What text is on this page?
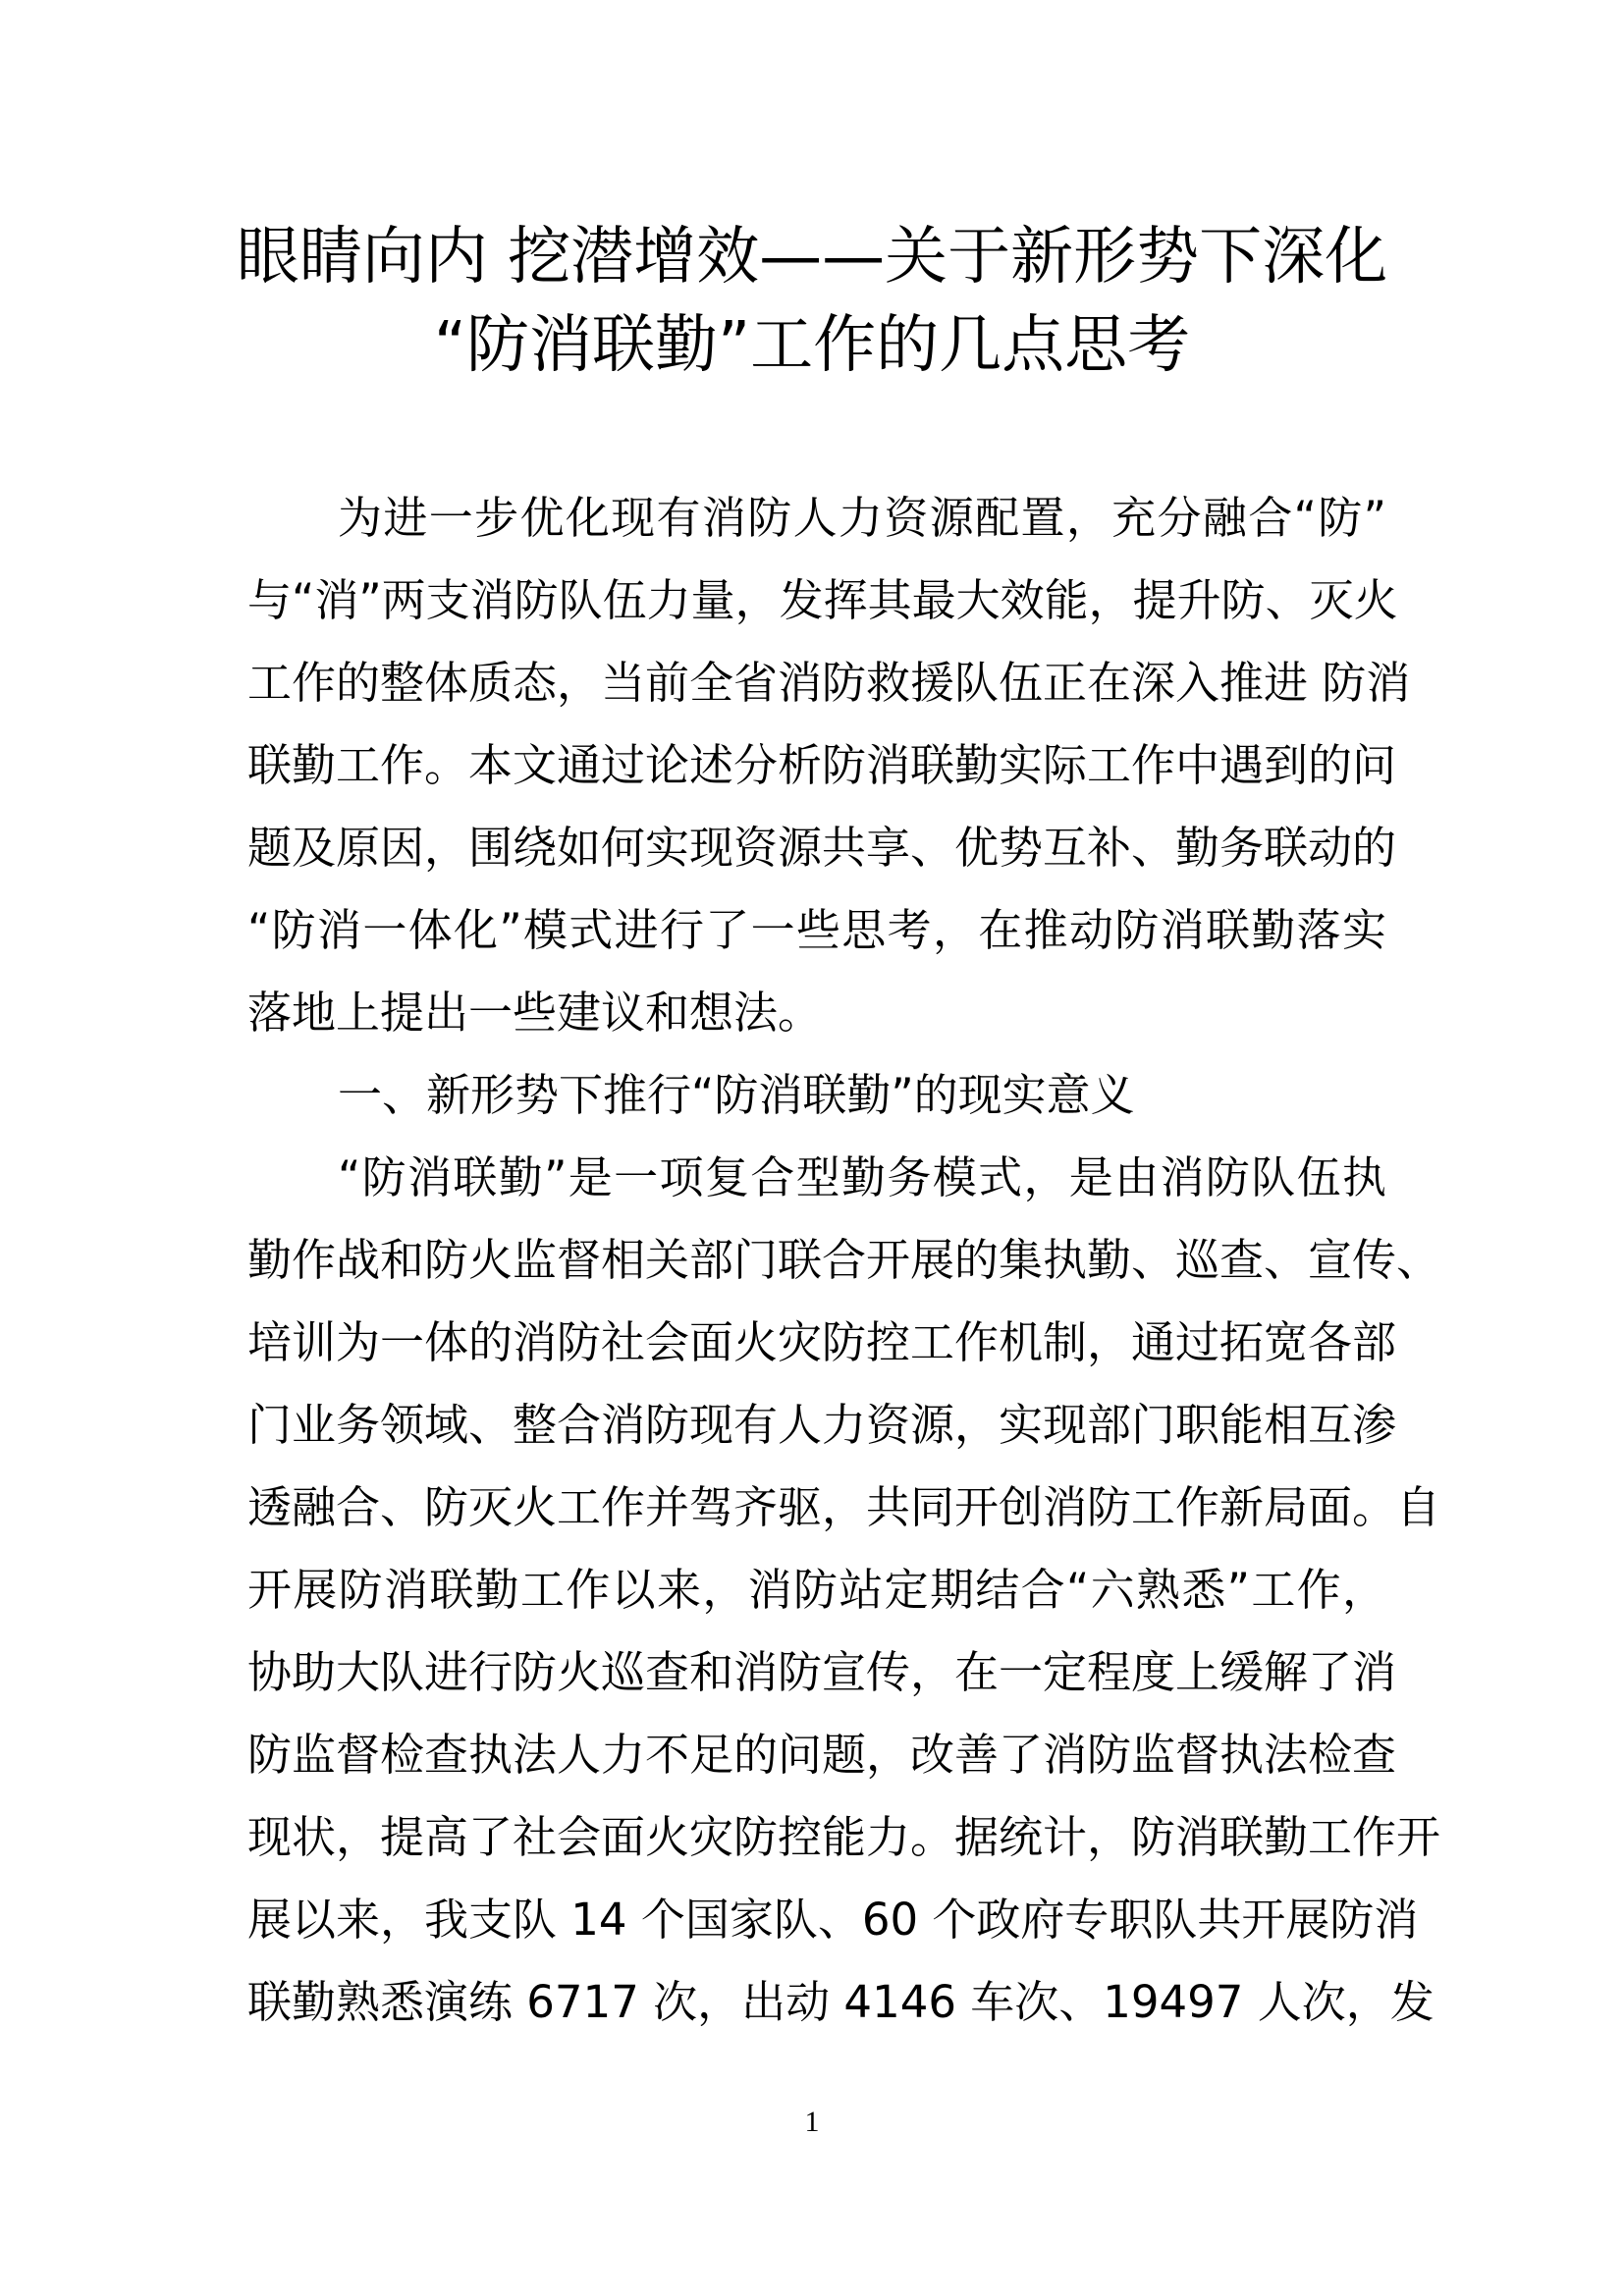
眼睛向内 挖潜增效——关于新形势下深化
“防消联勤”工作的几点思考
为进一步优化现有消防人力资源配置，充分融合“防”
与“消”两支消防队伍力量，发挥其最大效能，提升防、灭火
工作的整体质态，当前全省消防救援队伍正在深入推进 防消
联勤工作。本文通过论述分析防消联勤实际工作中遇到的问
题及原因，围绕如何实现资源共享、优势互补、勤务联动的
“防消一体化”模式进行了一些思考，在推动防消联勤落实
落地上提出一些建议和想法。
一、新形势下推行“防消联勤”的现实意义
“防消联勤”是一项复合型勤务模式，是由消防队伍执
勤作战和防火监督相关部门联合开展的集执勤、巡查、宣传、
培训为一体的消防社会面火灾防控工作机制，通过拓宽各部
门业务领域、整合消防现有人力资源，实现部门职能相互渗
透融合、防灭火工作并驾齐驱，共同开创消防工作新局面。自
开展防消联勤工作以来，消防站定期结合“六熟悉”工作，
协助大队进行防火巡查和消防宣传，在一定程度上缓解了消
防监督检查执法人力不足的问题，改善了消防监督执法检查
现状，提高了社会面火灾防控能力。据统计，防消联勤工作开
展以来，我支队 14 个国家队、60 个政府专职队共开展防消
联勤熟悉演练 6717 次，出动 4146 车次、19497 人次，发
1
